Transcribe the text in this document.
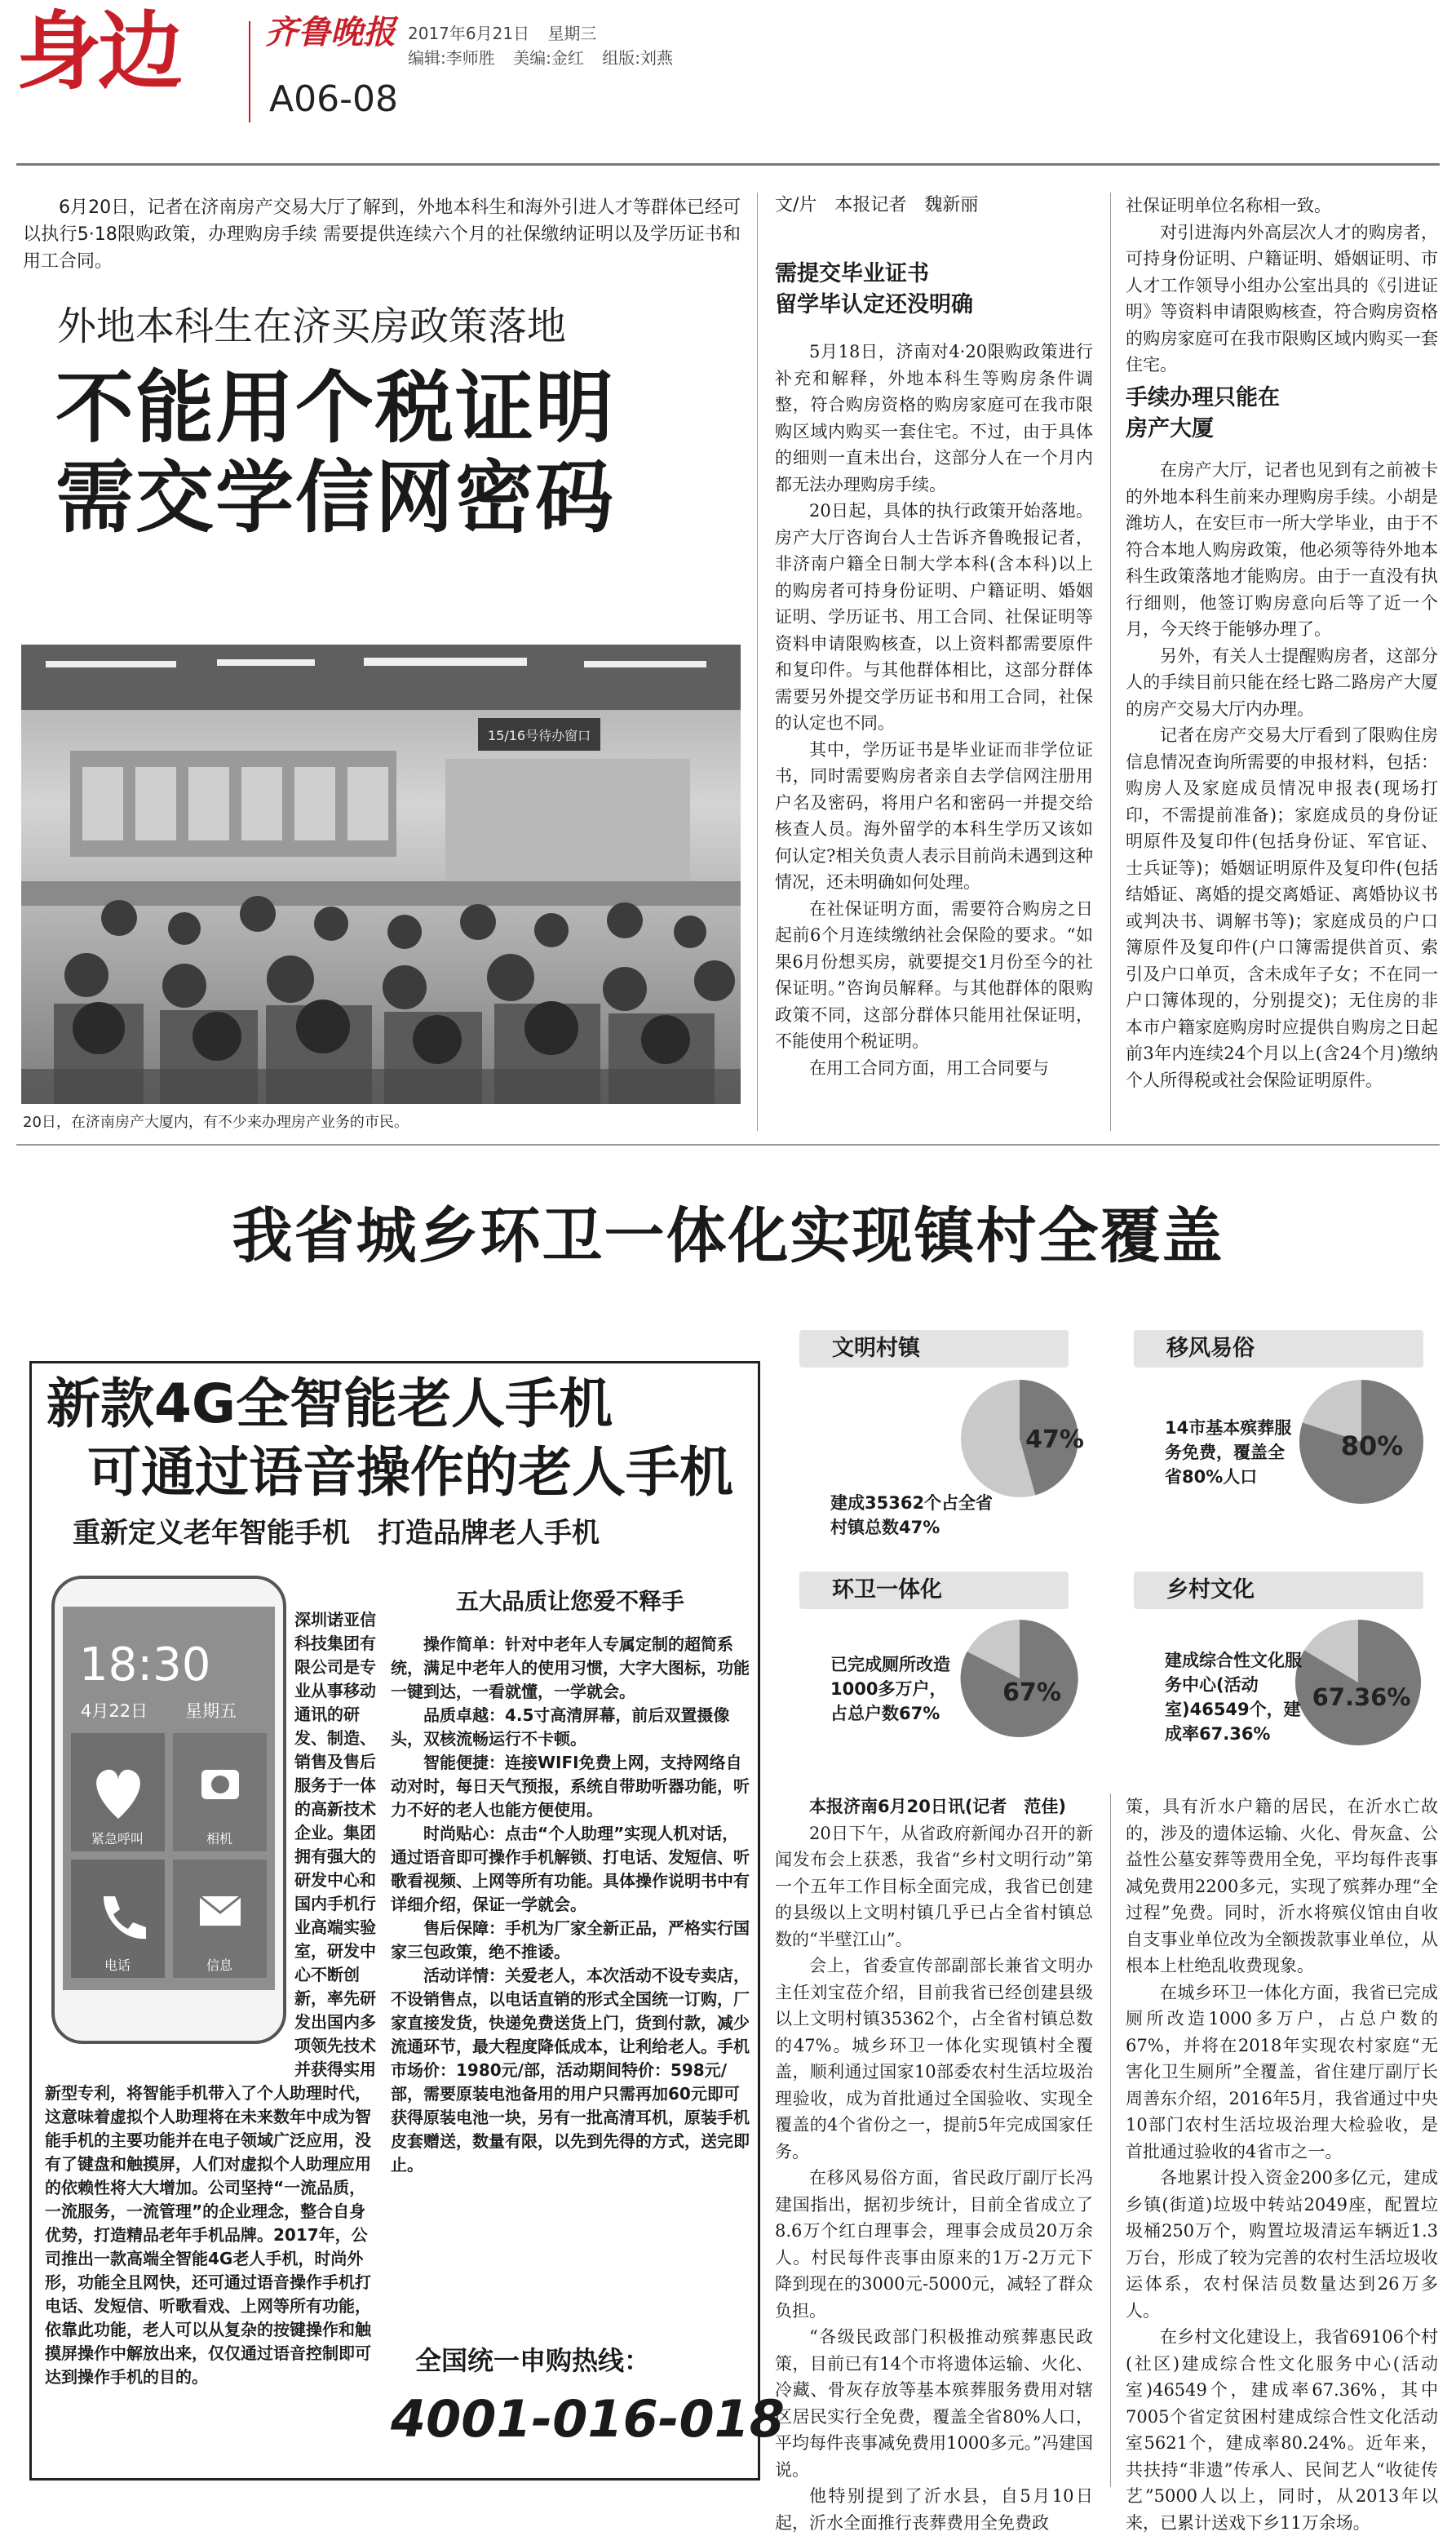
身边	齐鲁晚报 2017年6月21日 星期三
编辑:李师胜 美编:金红 组版:刘燕
A06-08

6月20日，记者在济南房产交易大厅了解到，外地本科生和海外引进人才等群体已经可以执行5·18限购政策，办理购房手续 需要提供连续六个月的社保缴纳证明以及学历证书和用工合同。

外地本科生在济买房政策落地
不能用个税证明
需交学信网密码
15/16号待办窗口
20日，在济南房产大厦内，有不少来办理房产业务的市民。
文/片　本报记者　魏新丽
需提交毕业证书
留学毕认定还没明确

5月18日，济南对4·20限购政策进行补充和解释，外地本科生等购房条件调整，符合购房资格的购房家庭可在我市限购区域内购买一套住宅。不过，由于具体的细则一直未出台，这部分人在一个月内都无法办理购房手续。

20日起，具体的执行政策开始落地。房产大厅咨询台人士告诉齐鲁晚报记者，非济南户籍全日制大学本科(含本科)以上的购房者可持身份证明、户籍证明、婚姻证明、学历证书、用工合同、社保证明等资料申请限购核查，以上资料都需要原件和复印件。与其他群体相比，这部分群体需要另外提交学历证书和用工合同，社保的认定也不同。

其中，学历证书是毕业证而非学位证书，同时需要购房者亲自去学信网注册用户名及密码，将用户名和密码一并提交给核查人员。海外留学的本科生学历又该如何认定?相关负责人表示目前尚未遇到这种情况，还未明确如何处理。

在社保证明方面，需要符合购房之日起前6个月连续缴纳社会保险的要求。“如果6月份想买房，就要提交1月份至今的社保证明。”咨询员解释。与其他群体的限购政策不同，这部分群体只能用社保证明，不能使用个税证明。

在用工合同方面，用工合同要与

社保证明单位名称相一致。

对引进海内外高层次人才的购房者，可持身份证明、户籍证明、婚姻证明、市人才工作领导小组办公室出具的《引进证明》等资料申请限购核查，符合购房资格的购房家庭可在我市限购区域内购买一套住宅。

手续办理只能在
房产大厦

在房产大厅，记者也见到有之前被卡的外地本科生前来办理购房手续。小胡是潍坊人，在安巨市一所大学毕业，由于不符合本地人购房政策，他必须等待外地本科生政策落地才能购房。由于一直没有执行细则，他签订购房意向后等了近一个月，今天终于能够办理了。

另外，有关人士提醒购房者，这部分人的手续目前只能在经七路二路房产大厦的房产交易大厅内办理。

记者在房产交易大厅看到了限购住房信息情况查询所需要的申报材料，包括：购房人及家庭成员情况申报表(现场打印，不需提前准备)；家庭成员的身份证明原件及复印件(包括身份证、军官证、士兵证等)；婚姻证明原件及复印件(包括结婚证、离婚的提交离婚证、离婚协议书或判决书、调解书等)；家庭成员的户口簿原件及复印件(户口簿需提供首页、索引及户口单页，含未成年子女；不在同一户口簿体现的，分别提交)；无住房的非本市户籍家庭购房时应提供自购房之日起前3年内连续24个月以上(含24个月)缴纳个人所得税或社会保险证明原件。

我省城乡环卫一体化实现镇村全覆盖
文明村镇
47%
建成35362个占全省村镇总数47%
移风易俗
80%
14市基本殡葬服务免费，覆盖全省80%人口
环卫一体化
67%
已完成厕所改造1000多万户，占总户数67%
乡村文化
67.36%
建成综合性文化服务中心(活动室)46549个，建成率67.36%

本报济南6月20日讯(记者　范佳)

20日下午，从省政府新闻办召开的新闻发布会上获悉，我省“乡村文明行动”第一个五年工作目标全面完成，我省已创建的县级以上文明村镇几乎已占全省村镇总数的“半壁江山”。

会上，省委宣传部副部长兼省文明办主任刘宝莅介绍，目前我省已经创建县级以上文明村镇35362个，占全省村镇总数的47%。城乡环卫一体化实现镇村全覆盖，顺利通过国家10部委农村生活垃圾治理验收，成为首批通过全国验收、实现全覆盖的4个省份之一，提前5年完成国家任务。

在移风易俗方面，省民政厅副厅长冯建国指出，据初步统计，目前全省成立了8.6万个红白理事会，理事会成员20万余人。村民每件丧事由原来的1万-2万元下降到现在的3000元-5000元，减轻了群众负担。

“各级民政部门积极推动殡葬惠民政策，目前已有14个市将遗体运输、火化、冷藏、骨灰存放等基本殡葬服务费用对辖区居民实行全免费，覆盖全省80%人口，平均每件丧事减免费用1000多元。”冯建国说。

他特别提到了沂水县，自5月10日起，沂水全面推行丧葬费用全免费政

策，具有沂水户籍的居民，在沂水亡故的，涉及的遗体运输、火化、骨灰盒、公益性公墓安葬等费用全免，平均每件丧事减免费用2200多元，实现了殡葬办理“全过程”免费。同时，沂水将殡仪馆由自收自支事业单位改为全额拨款事业单位，从根本上杜绝乱收费现象。

在城乡环卫一体化方面，我省已完成厕所改造1000多万户，占总户数的67%，并将在2018年实现农村家庭“无害化卫生厕所”全覆盖，省住建厅副厅长周善东介绍，2016年5月，我省通过中央10部门农村生活垃圾治理大检验收，是首批通过验收的4省市之一。

各地累计投入资金200多亿元，建成乡镇(街道)垃圾中转站2049座，配置垃圾桶250万个，购置垃圾清运车辆近1.3万台，形成了较为完善的农村生活垃圾收运体系，农村保洁员数量达到26万多人。

在乡村文化建设上，我省69106个村(社区)建成综合性文化服务中心(活动室)46549个，建成率67.36%，其中7005个省定贫困村建成综合性文化活动室5621个，建成率80.24%。近年来，共扶持“非遗”传承人、民间艺人“收徒传艺”5000人以上，同时，从2013年以来，已累计送戏下乡11万余场。

新款4G全智能老人手机
可通过语音操作的老人手机
重新定义老年智能手机　打造品牌老人手机
18:30
4月22日 星期五
紧急呼叫	相机
电话	信息
深圳诺亚信科技集团有限公司是专业从事移动通讯的研发、制造、销售及售后服务于一体的高新技术企业。集团拥有强大的研发中心和国内手机行业高端实验室，研发中心不断创新，率先研发出国内多项领先技术并获得实用新型专利，将智能手机带入了个人助理时代，这意味着虚拟个人助理将在未来数年中成为智能手机的主要功能并在电子领域广泛应用，没有了键盘和触摸屏，人们对虚拟个人助理应用的依赖性将大大增加。公司坚持“一流品质，一流服务，一流管理”的企业理念，整合自身优势，打造精品老年手机品牌。2017年，公司推出一款高端全智能4G老人手机，时尚外形，功能全且网快，还可通过语音操作手机打电话、发短信、听歌看戏、上网等所有功能，依靠此功能，老人可以从复杂的按键操作和触摸屏操作中解放出来，仅仅通过语音控制即可达到操作手机的目的。
五大品质让您爱不释手

操作简单：针对中老年人专属定制的超简系统，满足中老年人的使用习惯，大字大图标，功能一键到达，一看就懂，一学就会。

品质卓越：4.5寸高清屏幕，前后双置摄像头，双核流畅运行不卡顿。

智能便捷：连接WIFI免费上网，支持网络自动对时，每日天气预报，系统自带助听器功能，听力不好的老人也能方便使用。

时尚贴心：点击“个人助理”实现人机对话，通过语音即可操作手机解锁、打电话、发短信、听歌看视频、上网等所有功能。具体操作说明书中有详细介绍，保证一学就会。

售后保障：手机为厂家全新正品，严格实行国家三包政策，绝不推诿。

活动详情：关爱老人，本次活动不设专卖店，不设销售点，以电话直销的形式全国统一订购，厂家直接发货，快递免费送货上门，货到付款，减少流通环节，最大程度降低成本，让利给老人。手机市场价：1980元/部，活动期间特价：598元/部，需要原装电池备用的用户只需再加60元即可获得原装电池一块，另有一批高清耳机，原装手机皮套赠送，数量有限，以先到先得的方式，送完即止。

全国统一申购热线：
4001-016-018
